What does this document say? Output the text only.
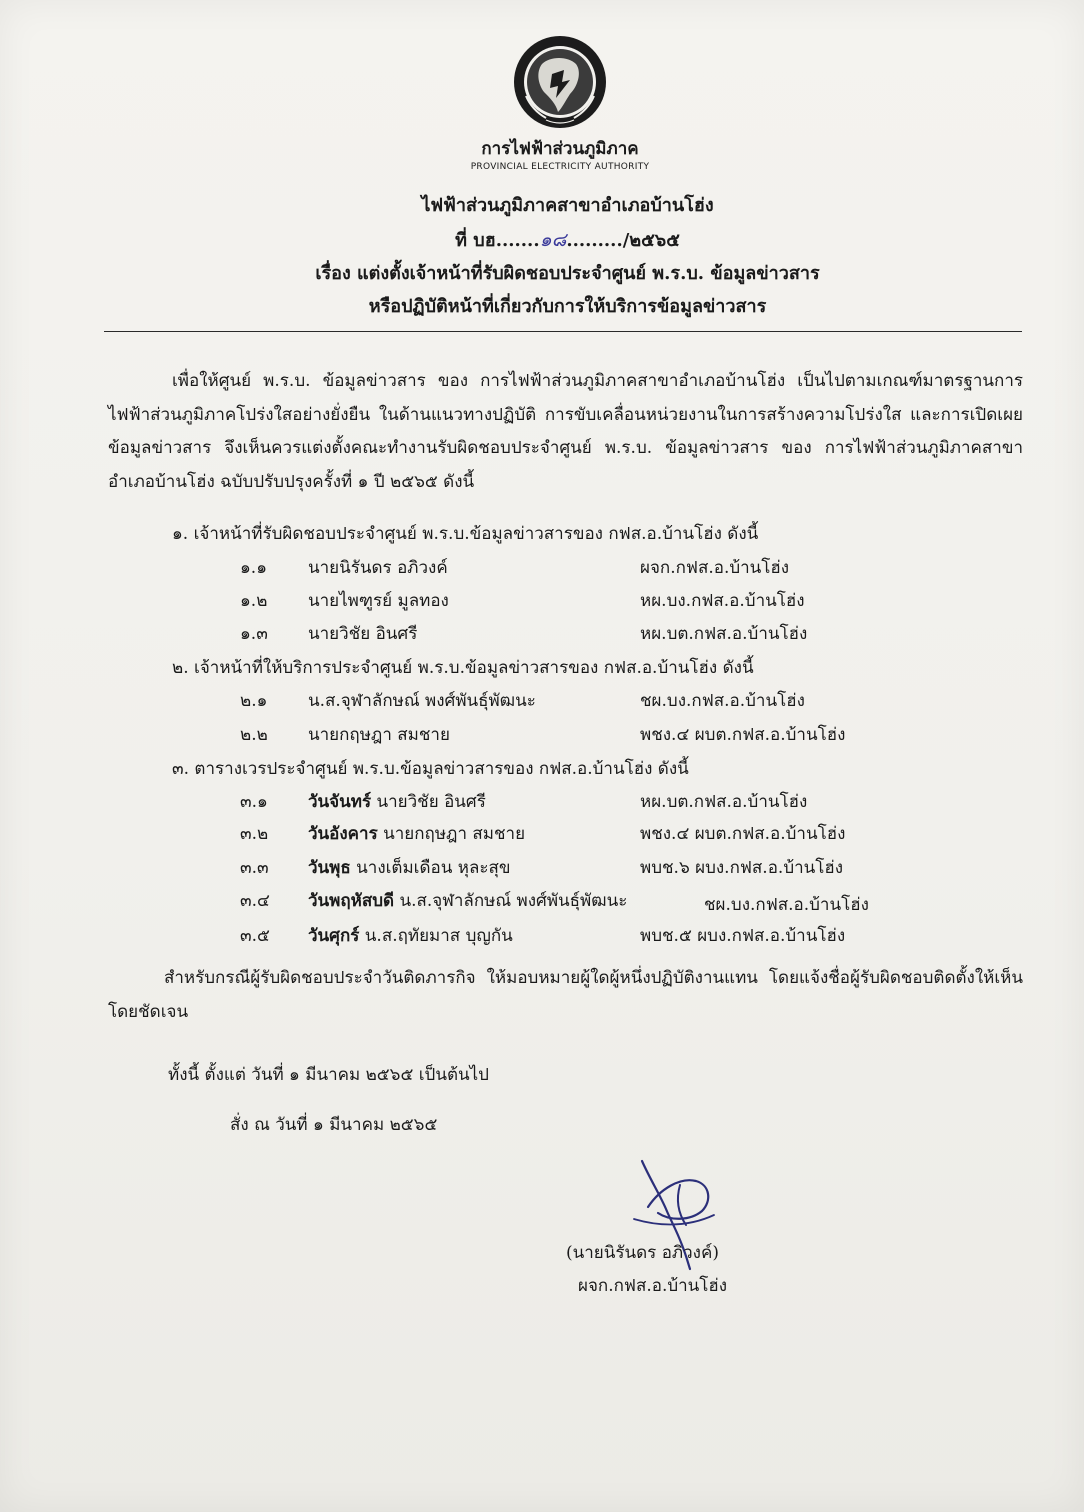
การไฟฟ้าส่วนภูมิภาค
PROVINCIAL ELECTRICITY AUTHORITY
ไฟฟ้าส่วนภูมิภาคสาขาอำเภอบ้านโฮ่ง
ที่ บฮ.......๑๘........./๒๕๖๕
เรื่อง แต่งตั้งเจ้าหน้าที่รับผิดชอบประจำศูนย์ พ.ร.บ. ข้อมูลข่าวสาร
หรือปฏิบัติหน้าที่เกี่ยวกับการให้บริการข้อมูลข่าวสาร
เพื่อให้ศูนย์ พ.ร.บ. ข้อมูลข่าวสาร ของ การไฟฟ้าส่วนภูมิภาคสาขาอำเภอบ้านโฮ่ง เป็นไปตามเกณฑ์มาตรฐานการไฟฟ้าส่วนภูมิภาคโปร่งใสอย่างยั่งยืน ในด้านแนวทางปฏิบัติ การขับเคลื่อนหน่วยงานในการสร้างความโปร่งใส และการเปิดเผยข้อมูลข่าวสาร จึงเห็นควรแต่งตั้งคณะทำงานรับผิดชอบประจำศูนย์ พ.ร.บ. ข้อมูลข่าวสาร ของ การไฟฟ้าส่วนภูมิภาคสาขาอำเภอบ้านโฮ่ง ฉบับปรับปรุงครั้งที่ ๑ ปี ๒๕๖๕ ดังนี้
๑. เจ้าหน้าที่รับผิดชอบประจำศูนย์ พ.ร.บ.ข้อมูลข่าวสารของ กฟส.อ.บ้านโฮ่ง ดังนี้
๑.๑ นายนิรันดร อภิวงค์	ผจก.กฟส.อ.บ้านโฮ่ง
๑.๒ นายไพฑูรย์ มูลทอง	หผ.บง.กฟส.อ.บ้านโฮ่ง
๑.๓ นายวิชัย อินศรี	หผ.บต.กฟส.อ.บ้านโฮ่ง
๒. เจ้าหน้าที่ให้บริการประจำศูนย์ พ.ร.บ.ข้อมูลข่าวสารของ กฟส.อ.บ้านโฮ่ง ดังนี้
๒.๑ น.ส.จุฬาลักษณ์ พงศ์พันธุ์พัฒนะ	ชผ.บง.กฟส.อ.บ้านโฮ่ง
๒.๒ นายกฤษฎา สมชาย	พชง.๔ ผบต.กฟส.อ.บ้านโฮ่ง
๓. ตารางเวรประจำศูนย์ พ.ร.บ.ข้อมูลข่าวสารของ กฟส.อ.บ้านโฮ่ง ดังนี้
๓.๑ วันจันทร์ นายวิชัย อินศรี	หผ.บต.กฟส.อ.บ้านโฮ่ง
๓.๒ วันอังคาร นายกฤษฎา สมชาย	พชง.๔ ผบต.กฟส.อ.บ้านโฮ่ง
๓.๓ วันพุธ นางเต็มเดือน หุละสุข	พบช.๖ ผบง.กฟส.อ.บ้านโฮ่ง
๓.๔ วันพฤหัสบดี น.ส.จุฬาลักษณ์ พงศ์พันธุ์พัฒนะ	ชผ.บง.กฟส.อ.บ้านโฮ่ง
๓.๕ วันศุกร์ น.ส.ฤทัยมาส บุญกัน	พบช.๕ ผบง.กฟส.อ.บ้านโฮ่ง
สำหรับกรณีผู้รับผิดชอบประจำวันติดภารกิจ ให้มอบหมายผู้ใดผู้หนึ่งปฏิบัติงานแทน โดยแจ้งชื่อผู้รับผิดชอบติดตั้งให้เห็นโดยชัดเจน
ทั้งนี้ ตั้งแต่ วันที่ ๑ มีนาคม ๒๕๖๕ เป็นต้นไป
สั่ง ณ วันที่ ๑ มีนาคม ๒๕๖๕
(นายนิรันดร อภิวงค์)
ผจก.กฟส.อ.บ้านโฮ่ง
